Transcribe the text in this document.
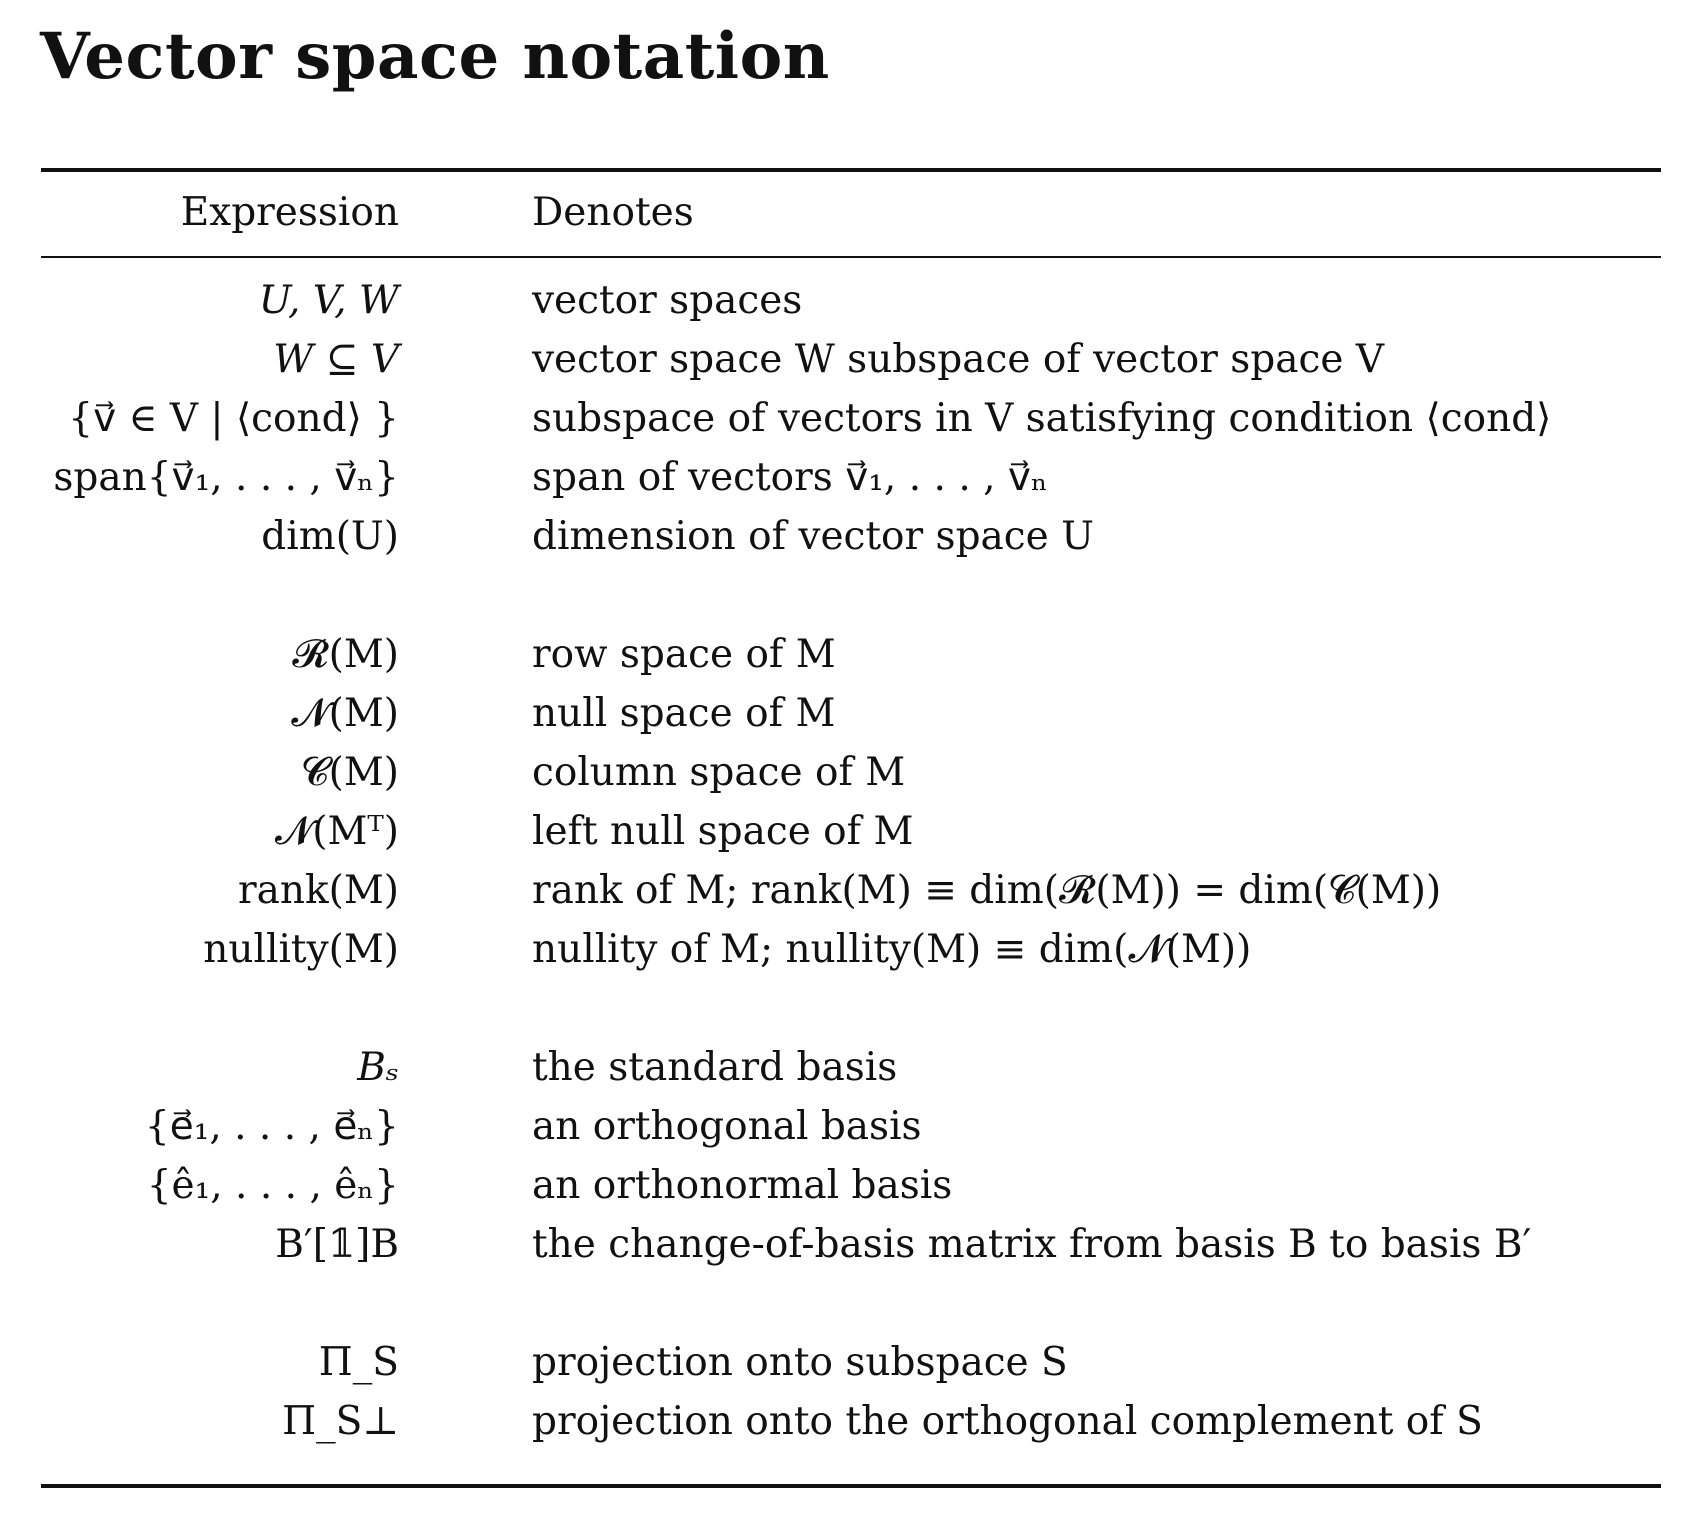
Vector space notation
Expression	Denotes
U, V, W	vector spaces
W ⊆ V	vector space W subspace of vector space V
{v⃗ ∈ V | ⟨cond⟩ }	subspace of vectors in V satisfying condition ⟨cond⟩
span{v⃗₁, . . . , v⃗ₙ}	span of vectors v⃗₁, . . . , v⃗ₙ
dim(U)	dimension of vector space U
𝓡(M)	row space of M
𝓝(M)	null space of M
𝓒(M)	column space of M
𝓝(Mᵀ)	left null space of M
rank(M)	rank of M; rank(M) ≡ dim(𝓡(M)) = dim(𝓒(M))
nullity(M)	nullity of M; nullity(M) ≡ dim(𝓝(M))
Bₛ	the standard basis
{e⃗₁, . . . , e⃗ₙ}	an orthogonal basis
{ê₁, . . . , êₙ}	an orthonormal basis
B′[𝟙]B	the change-of-basis matrix from basis B to basis B′
Π_S	projection onto subspace S
Π_S⊥	projection onto the orthogonal complement of S
